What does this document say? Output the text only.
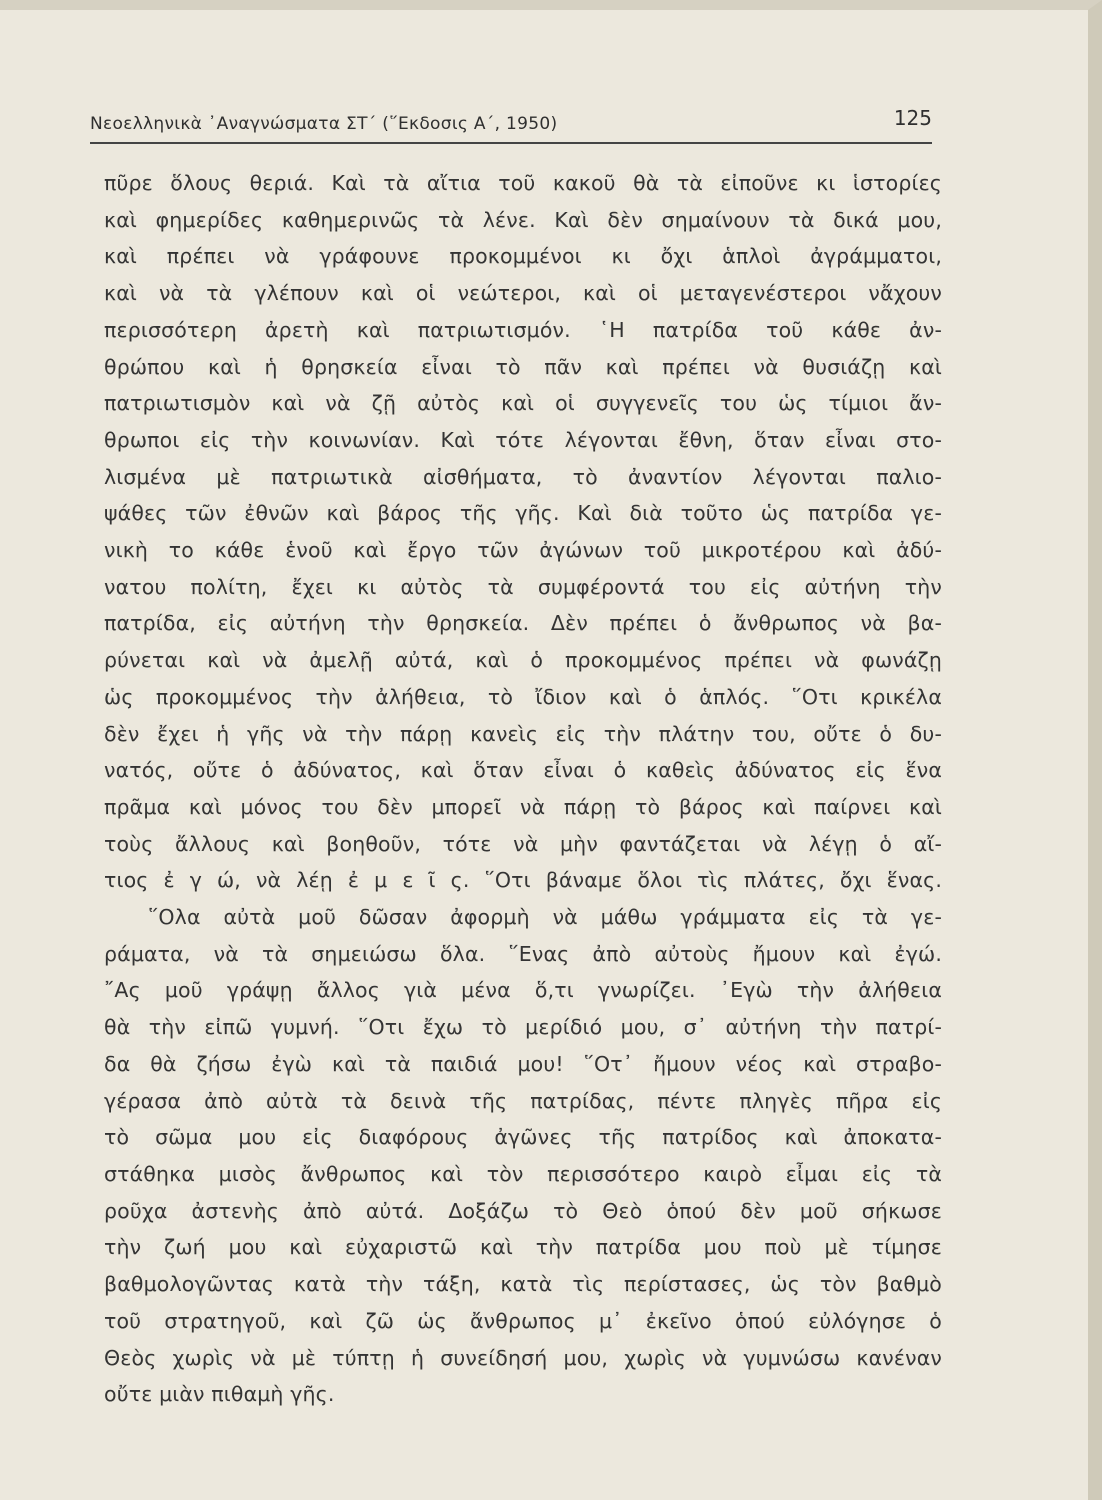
Νεοελληνικὰ ᾿Αναγνώσματα ΣΤ΄ (῞Εκδοσις Α΄, 1950)	125

πῦρε ὅλους θεριά. Καὶ τὰ αἴτια τοῦ κακοῦ θὰ τὰ εἰποῦνε κι ἱστορίες
καὶ φημερίδες καθημερινῶς τὰ λένε. Καὶ δὲν σημαίνουν τὰ δικά μου,
καὶ πρέπει νὰ γράφουνε προκομμένοι κι ὄχι ἁπλοὶ ἀγράμματοι,
καὶ νὰ τὰ γλέπουν καὶ οἱ νεώτεροι, καὶ οἱ μεταγενέστεροι νἄχουν
περισσότερη ἀρετὴ καὶ πατριωτισμόν. ῾Η πατρίδα τοῦ κάθε ἀν-
θρώπου καὶ ἡ θρησκεία εἶναι τὸ πᾶν καὶ πρέπει νὰ θυσιάζῃ καὶ
πατριωτισμὸν καὶ νὰ ζῇ αὐτὸς καὶ οἱ συγγενεῖς του ὡς τίμιοι ἄν-
θρωποι εἰς τὴν κοινωνίαν. Καὶ τότε λέγονται ἔθνη, ὅταν εἶναι στο-
λισμένα μὲ πατριωτικὰ αἰσθήματα, τὸ ἀναντίον λέγονται παλιο-
ψάθες τῶν ἐθνῶν καὶ βάρος τῆς γῆς. Καὶ διὰ τοῦτο ὡς πατρίδα γε-
νικὴ το κάθε ἑνοῦ καὶ ἔργο τῶν ἀγώνων τοῦ μικροτέρου καὶ ἀδύ-
νατου πολίτη, ἔχει κι αὐτὸς τὰ συμφέροντά του εἰς αὐτήνη τὴν
πατρίδα, εἰς αὐτήνη τὴν θρησκεία. Δὲν πρέπει ὁ ἄνθρωπος νὰ βα-
ρύνεται καὶ νὰ ἀμελῇ αὐτά, καὶ ὁ προκομμένος πρέπει νὰ φωνάζῃ
ὡς προκομμένος τὴν ἀλήθεια, τὸ ἴδιον καὶ ὁ ἁπλός. ῞Οτι κρικέλα
δὲν ἔχει ἡ γῆς νὰ τὴν πάρῃ κανεὶς εἰς τὴν πλάτην του, οὔτε ὁ δυ-
νατός, οὔτε ὁ ἀδύνατος, καὶ ὅταν εἶναι ὁ καθεὶς ἀδύνατος εἰς ἕνα
πρᾶμα καὶ μόνος του δὲν μπορεῖ νὰ πάρῃ τὸ βάρος καὶ παίρνει καὶ
τοὺς ἄλλους καὶ βοηθοῦν, τότε νὰ μὴν φαντάζεται νὰ λέγῃ ὁ αἴ-
τιος ἐ γ ώ, νὰ λέῃ ἐ μ ε ῖ ς. ῞Οτι βάναμε ὅλοι τὶς πλάτες, ὄχι ἕνας.

῞Ολα αὐτὰ μοῦ δῶσαν ἀφορμὴ νὰ μάθω γράμματα εἰς τὰ γε-
ράματα, νὰ τὰ σημειώσω ὅλα. ῞Ενας ἀπὸ αὐτοὺς ἤμουν καὶ ἐγώ.
῎Ας μοῦ γράψῃ ἄλλος γιὰ μένα ὅ,τι γνωρίζει. ᾿Εγὼ τὴν ἀλήθεια
θὰ τὴν εἰπῶ γυμνή. ῞Οτι ἔχω τὸ μερίδιό μου, σ᾿ αὐτήνη τὴν πατρί-
δα θὰ ζήσω ἐγὼ καὶ τὰ παιδιά μου! ῞Οτ᾿ ἤμουν νέος καὶ στραβο-
γέρασα ἀπὸ αὐτὰ τὰ δεινὰ τῆς πατρίδας, πέντε πληγὲς πῆρα εἰς
τὸ σῶμα μου εἰς διαφόρους ἀγῶνες τῆς πατρίδος καὶ ἀποκατα-
στάθηκα μισὸς ἄνθρωπος καὶ τὸν περισσότερο καιρὸ εἶμαι εἰς τὰ
ροῦχα ἀστενὴς ἀπὸ αὐτά. Δοξάζω τὸ Θεὸ ὁπού δὲν μοῦ σήκωσε
τὴν ζωή μου καὶ εὐχαριστῶ καὶ τὴν πατρίδα μου ποὺ μὲ τίμησε
βαθμολογῶντας κατὰ τὴν τάξη, κατὰ τὶς περίστασες, ὡς τὸν βαθμὸ
τοῦ στρατηγοῦ, καὶ ζῶ ὡς ἄνθρωπος μ᾿ ἐκεῖνο ὁπού εὐλόγησε ὁ
Θεὸς χωρὶς νὰ μὲ τύπτῃ ἡ συνείδησή μου, χωρὶς νὰ γυμνώσω κανέναν
οὔτε μιὰν πιθαμὴ γῆς.
